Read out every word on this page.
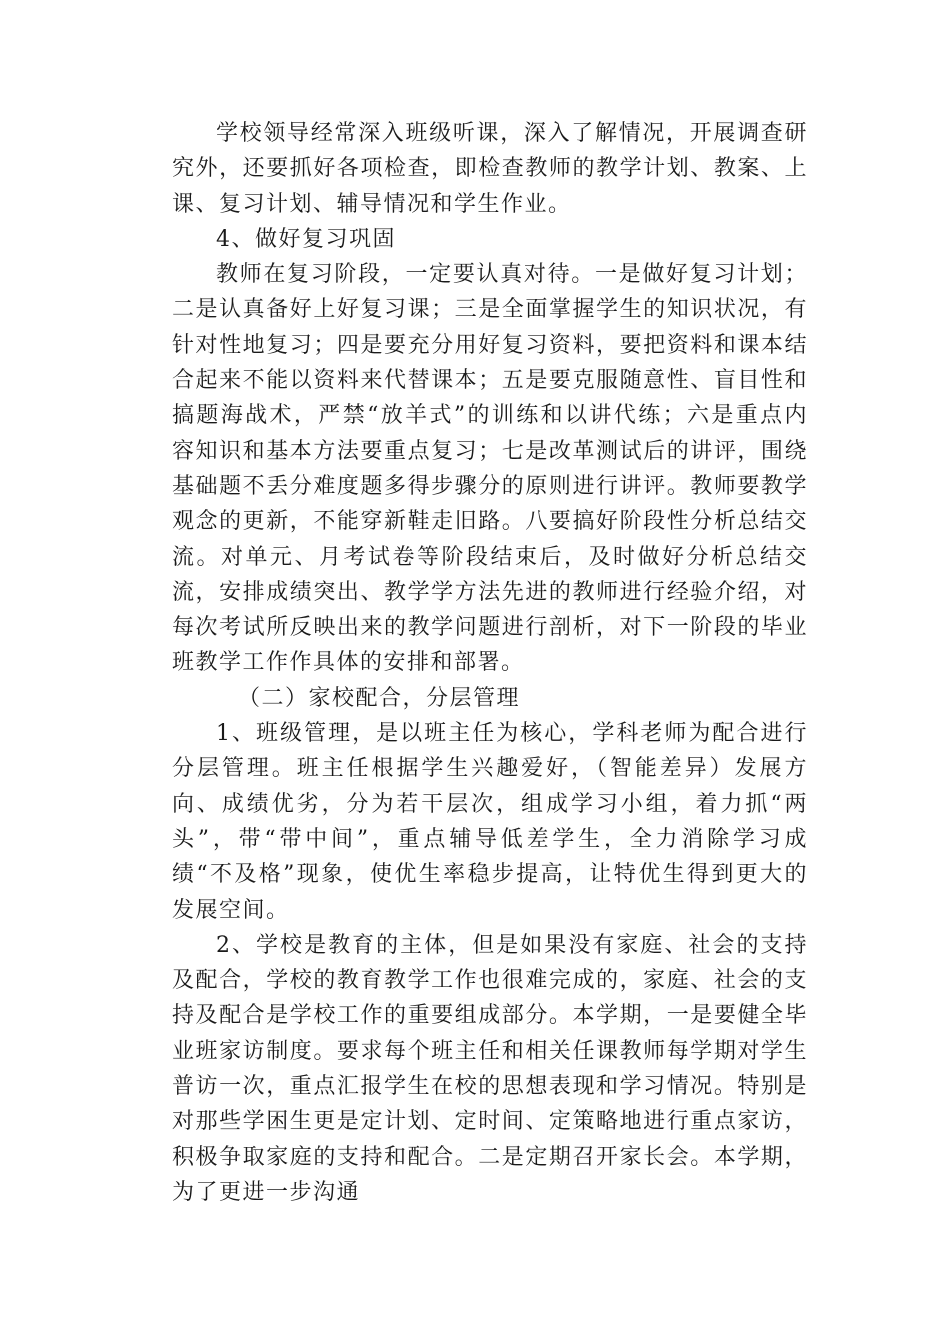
学校领导经常深入班级听课，深入了解情况，开展调查研究外，还要抓好各项检查，即检查教师的教学计划、教案、上课、复习计划、辅导情况和学生作业。

4、做好复习巩固

教师在复习阶段，一定要认真对待。一是做好复习计划；二是认真备好上好复习课；三是全面掌握学生的知识状况，有针对性地复习；四是要充分用好复习资料，要把资料和课本结合起来不能以资料来代替课本；五是要克服随意性、盲目性和搞题海战术，严禁“放羊式”的训练和以讲代练；六是重点内容知识和基本方法要重点复习；七是改革测试后的讲评，围绕基础题不丢分难度题多得步骤分的原则进行讲评。教师要教学观念的更新，不能穿新鞋走旧路。八要搞好阶段性分析总结交流。对单元、月考试卷等阶段结束后，及时做好分析总结交流，安排成绩突出、教学学方法先进的教师进行经验介绍，对每次考试所反映出来的教学问题进行剖析，对下一阶段的毕业班教学工作作具体的安排和部署。

（二）家校配合，分层管理

1、班级管理，是以班主任为核心，学科老师为配合进行分层管理。班主任根据学生兴趣爱好，（智能差异）发展方向、成绩优劣，分为若干层次，组成学习小组，着力抓“两头”，带“带中间”，重点辅导低差学生，全力消除学习成绩“不及格”现象，使优生率稳步提高，让特优生得到更大的发展空间。

2、学校是教育的主体，但是如果没有家庭、社会的支持及配合，学校的教育教学工作也很难完成的，家庭、社会的支持及配合是学校工作的重要组成部分。本学期，一是要健全毕业班家访制度。要求每个班主任和相关任课教师每学期对学生普访一次，重点汇报学生在校的思想表现和学习情况。特别是对那些学困生更是定计划、定时间、定策略地进行重点家访，积极争取家庭的支持和配合。二是定期召开家长会。本学期，为了更进一步沟通
